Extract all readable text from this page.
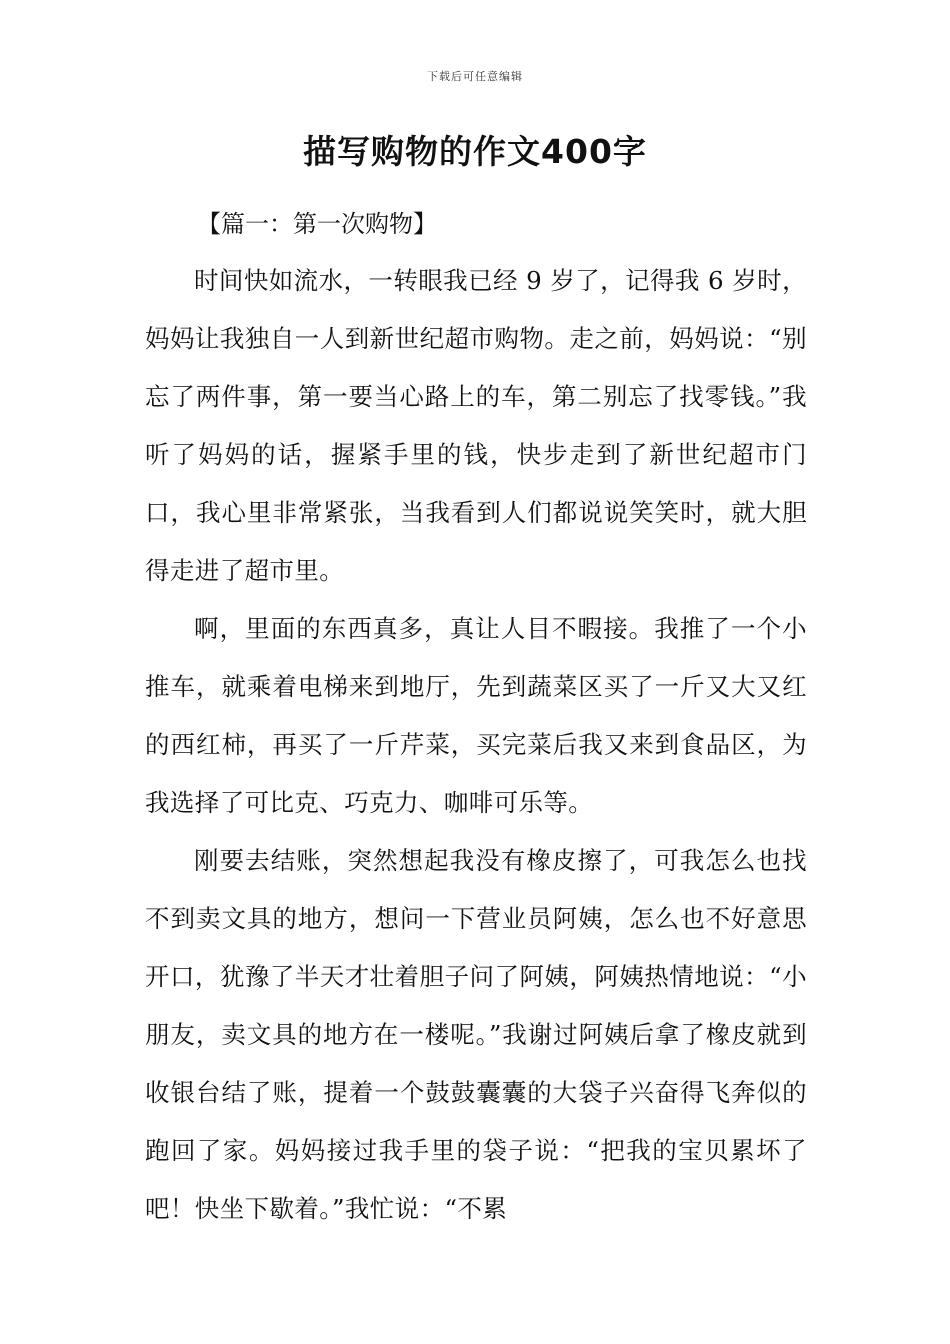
下载后可任意编辑
描写购物的作文400字

【篇一：第一次购物】

时间快如流水，一转眼我已经 9 岁了，记得我 6 岁时，妈妈让我独自一人到新世纪超市购物。走之前，妈妈说：“别忘了两件事，第一要当心路上的车，第二别忘了找零钱。”我听了妈妈的话，握紧手里的钱，快步走到了新世纪超市门口，我心里非常紧张，当我看到人们都说说笑笑时，就大胆得走进了超市里。

啊，里面的东西真多，真让人目不暇接。我推了一个小推车，就乘着电梯来到地厅，先到蔬菜区买了一斤又大又红的西红柿，再买了一斤芹菜，买完菜后我又来到食品区，为我选择了可比克、巧克力、咖啡可乐等。

刚要去结账，突然想起我没有橡皮擦了，可我怎么也找不到卖文具的地方，想问一下营业员阿姨，怎么也不好意思开口，犹豫了半天才壮着胆子问了阿姨，阿姨热情地说：“小朋友，卖文具的地方在一楼呢。”我谢过阿姨后拿了橡皮就到收银台结了账，提着一个鼓鼓囊囊的大袋子兴奋得飞奔似的跑回了家。妈妈接过我手里的袋子说：“把我的宝贝累坏了吧！快坐下歇着。”我忙说：“不累
